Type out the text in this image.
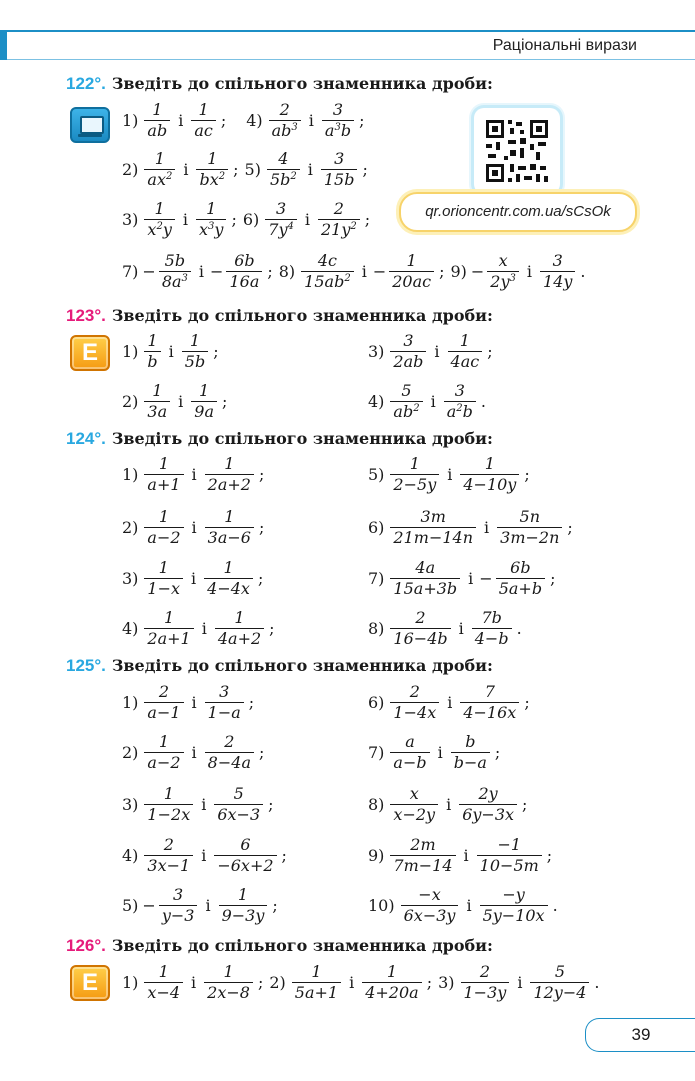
Раціональні вирази
122°. Зведіть до спільного знаменника дроби:
$1) \frac{1}{ab}$ і $\frac{1}{ac}$ ; $4) \frac{2}{ab^3}$ і $\frac{3}{a^3b}$ ;
$2) \frac{1}{ax^2}$ і $\frac{1}{bx^2}$ ; $5) \frac{4}{5b^2}$ і $\frac{3}{15b}$ ;
$3) \frac{1}{x^2y}$ і $\frac{1}{x^3y}$ ; $6) \frac{3}{7y^4}$ і $\frac{2}{21y^2}$ ;
$7) - \frac{5b}{8a^3}$ $і - \frac{6b}{16a}$ ; $8) \frac{4c}{15ab^2}$ $і - \frac{1}{20ac}$ ; $9) - \frac{x}{2y^3}$ і $\frac{3}{14y}$ .
qr.orioncentr.com.ua/sCsOk
123°. Зведіть до спільного знаменника дроби:
E	$1) \frac{1}{b}$ і $\frac{1}{5b}$ ;	$3) \frac{3}{2ab}$ і $\frac{1}{4ac}$ ;
$2) \frac{1}{3a}$ і $\frac{1}{9a}$ ;	$4) \frac{5}{ab^2}$ і $\frac{3}{a^2b}$ .
124°. Зведіть до спільного знаменника дроби:
$1) \frac{1}{a+1}$ і $\frac{1}{2a+2}$ ;	$5) \frac{1}{2-5y}$ і $\frac{1}{4-10y}$ ;
$2) \frac{1}{a-2}$ і $\frac{1}{3a-6}$ ;	$6) \frac{3m}{21m-14n}$ і $\frac{5n}{3m-2n}$ ;
$3) \frac{1}{1-x}$ і $\frac{1}{4-4x}$ ;	$7) \frac{4a}{15a+3b}$ $і - \frac{6b}{5a+b}$ ;
$4) \frac{1}{2a+1}$ і $\frac{1}{4a+2}$ ;	$8) \frac{2}{16-4b}$ і $\frac{7b}{4-b}$ .
125°. Зведіть до спільного знаменника дроби:
$1) \frac{2}{a-1}$ і $\frac{3}{1-a}$ ;	$6) \frac{2}{1-4x}$ і $\frac{7}{4-16x}$ ;
$2) \frac{1}{a-2}$ і $\frac{2}{8-4a}$ ;	$7) \frac{a}{a-b}$ і $\frac{b}{b-a}$ ;
$3) \frac{1}{1-2x}$ і $\frac{5}{6x-3}$ ;	$8) \frac{x}{x-2y}$ і $\frac{2y}{6y-3x}$ ;
$4) \frac{2}{3x-1}$ і $\frac{6}{-6x+2}$ ;	$9) \frac{2m}{7m-14}$ і $\frac{-1}{10-5m}$ ;
$5) - \frac{3}{y-3}$ і $\frac{1}{9-3y}$ ;	$10) \frac{-x}{6x-3y}$ і $\frac{-y}{5y-10x}$ .
126°. Зведіть до спільного знаменника дроби:
E	$1) \frac{1}{x-4}$ і $\frac{1}{2x-8}$ ; $2) \frac{1}{5a+1}$ і $\frac{1}{4+20a}$ ; $3) \frac{2}{1-3y}$ і $\frac{5}{12y-4}$ .
39
